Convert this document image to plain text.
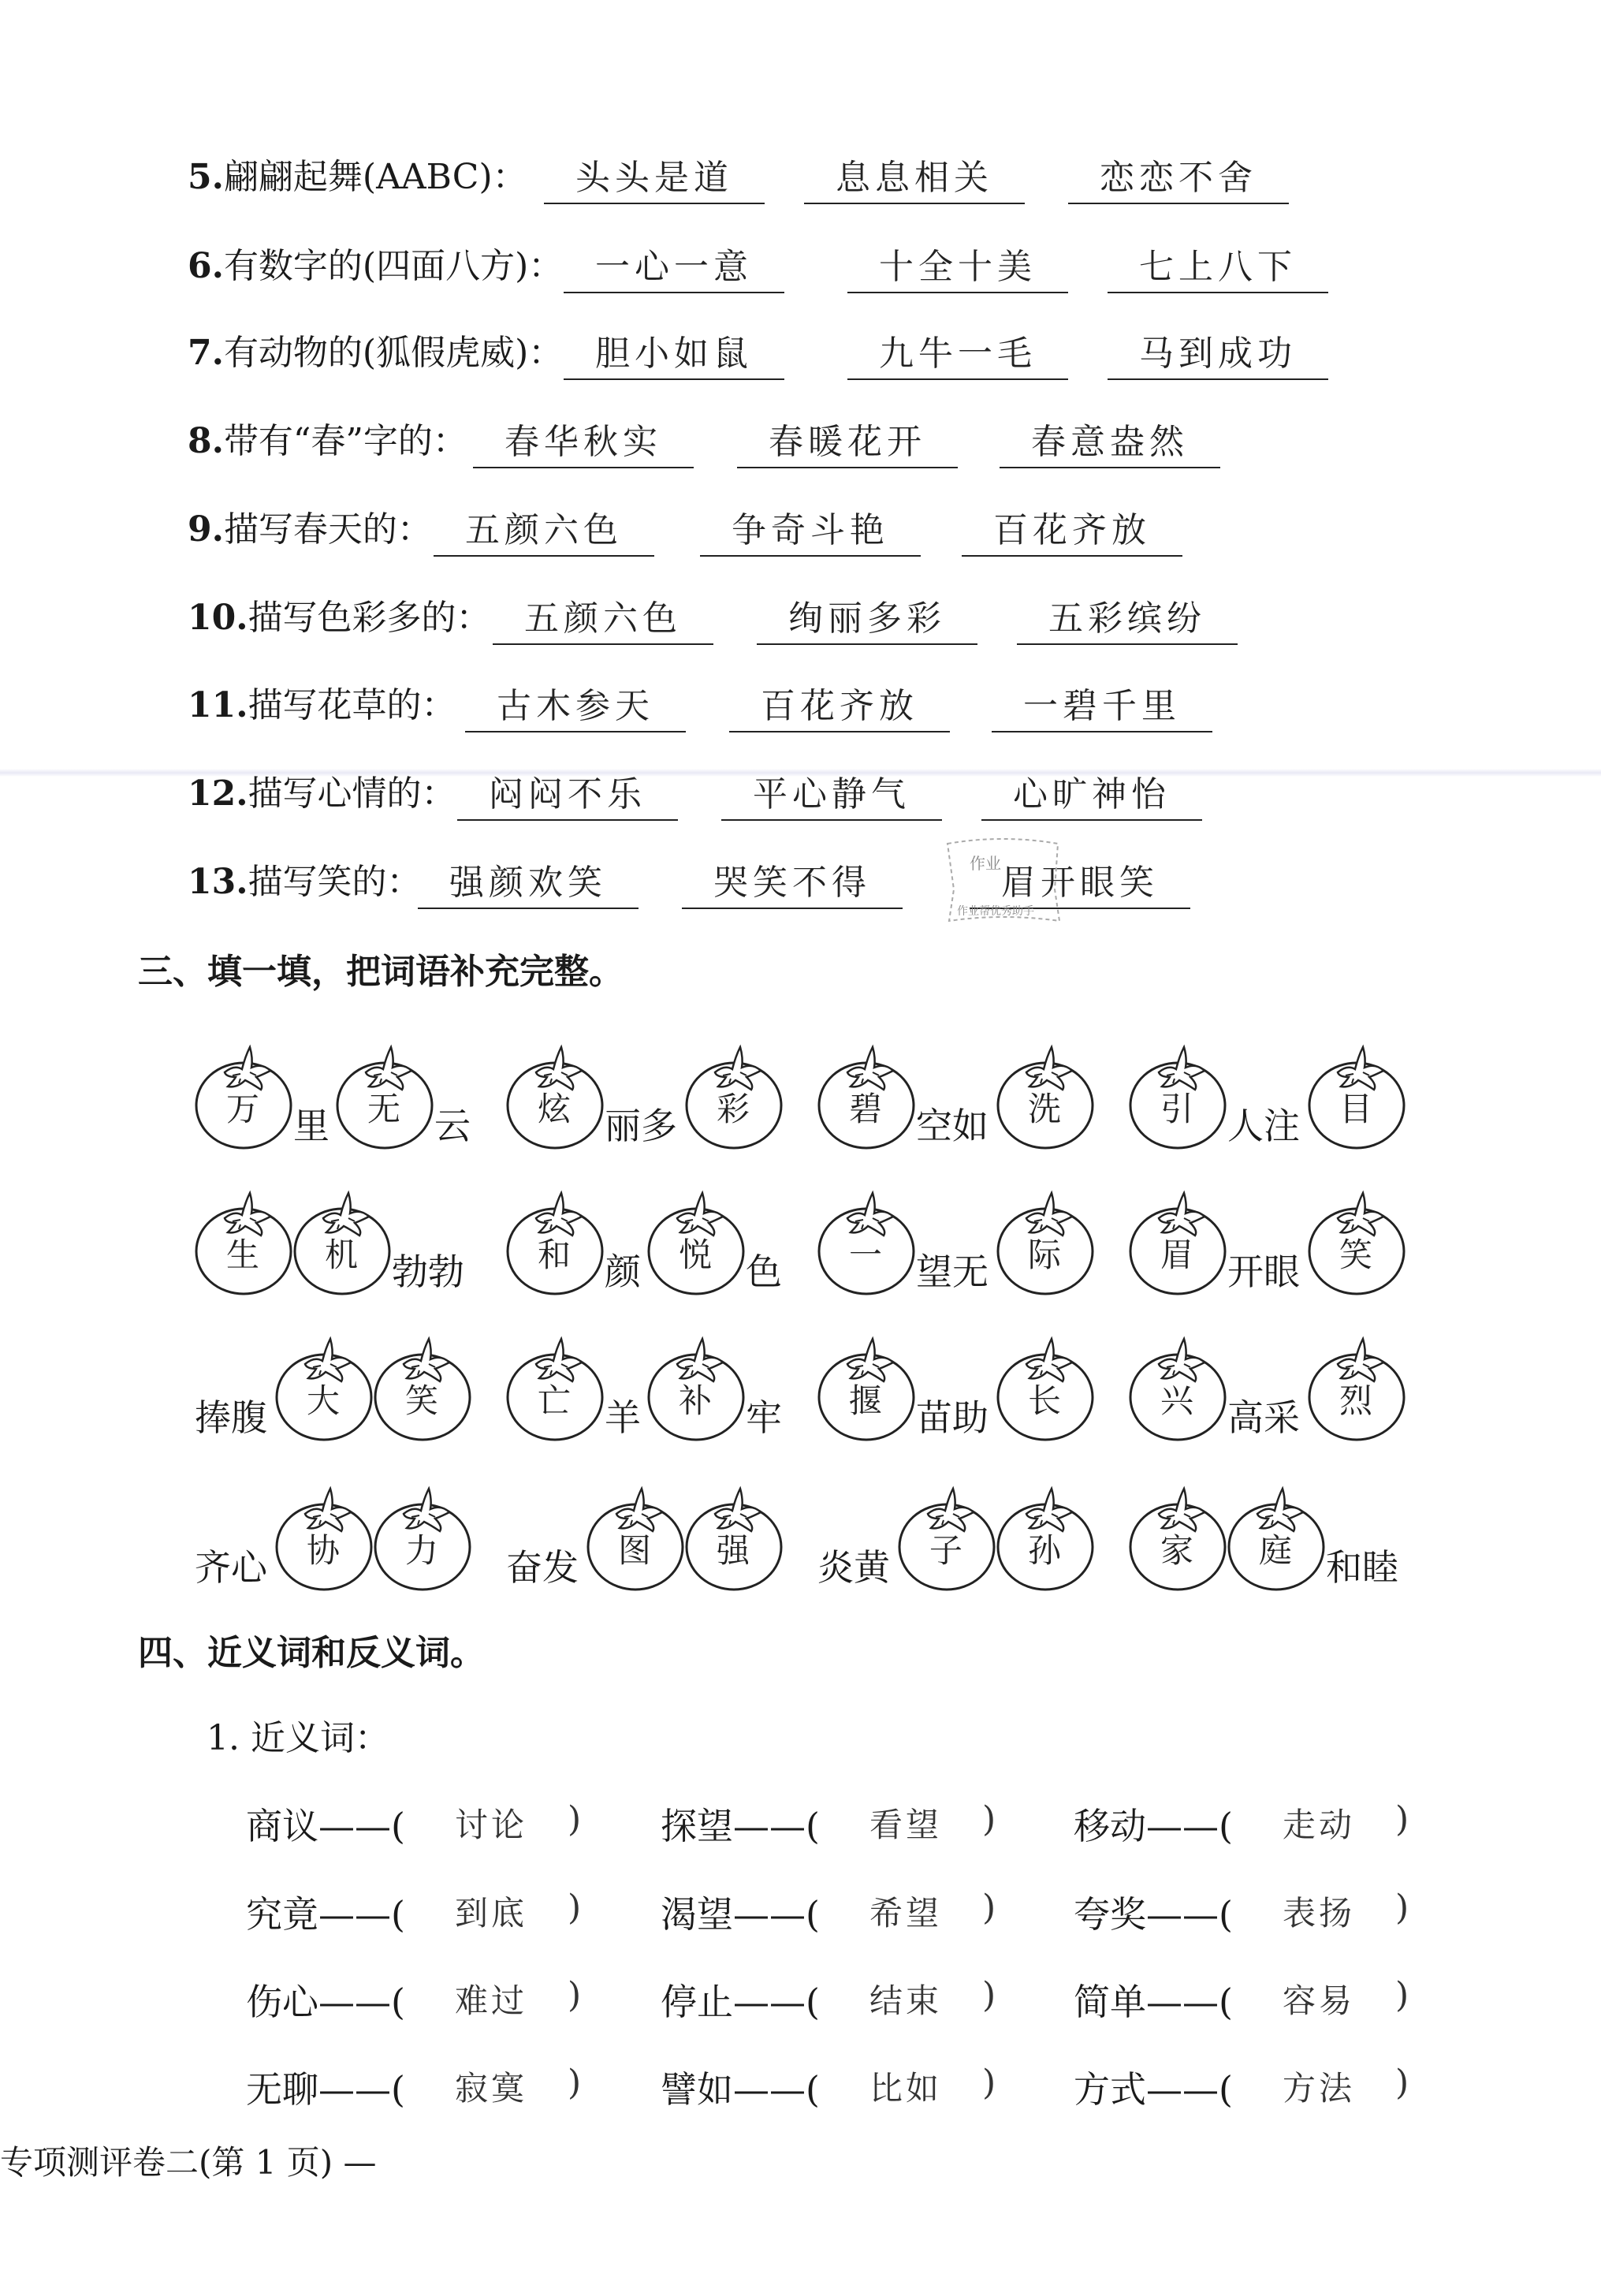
5.翩翩起舞(AABC)：	头头是道	息息相关	恋恋不舍
6.有数字的(四面八方)： 一心一意	十全十美	七上八下
7.有动物的(狐假虎威)： 胆小如鼠	九牛一毛	马到成功
8.带有“春”字的：	春华秋实	春暖花开	春意盎然
9.描写春天的： 五颜六色	争奇斗艳	百花齐放
10.描写色彩多的： 五颜六色	绚丽多彩	五彩缤纷
11.描写花草的：	古木参天	百花齐放	一碧千里
12.描写心情的： 闷闷不乐	平心静气	心旷神怡
13.描写笑的： 强颜欢笑	哭笑不得	眉开眼笑
三、填一填，把词语补充完整。
万 里	无 云	炫 丽多	彩	碧 空如	洗	引 人注	目
生	机 勃勃	和 颜	悦 色	一 望无	际	眉 开眼	笑
捧腹	大	笑	亡 羊	补 牢	揠 苗助	长	兴 高采	烈
齐心	协	力	奋发	图	强	炎黄	子	孙	家	庭 和睦
四、近义词和反义词。
1. 近义词：
商议——( 讨论 ) 探望——( 看望 ) 移动——( 走动 )
究竟——( 到底 ) 渴望——( 希望 ) 夸奖——( 表扬 )
伤心——( 难过 ) 停止——( 结束 ) 简单——( 容易 )
无聊——( 寂寞 ) 譬如——( 比如 ) 方式——( 方法 )
作业
作业帮优秀助手
专项测评卷二(第 1 页) —
